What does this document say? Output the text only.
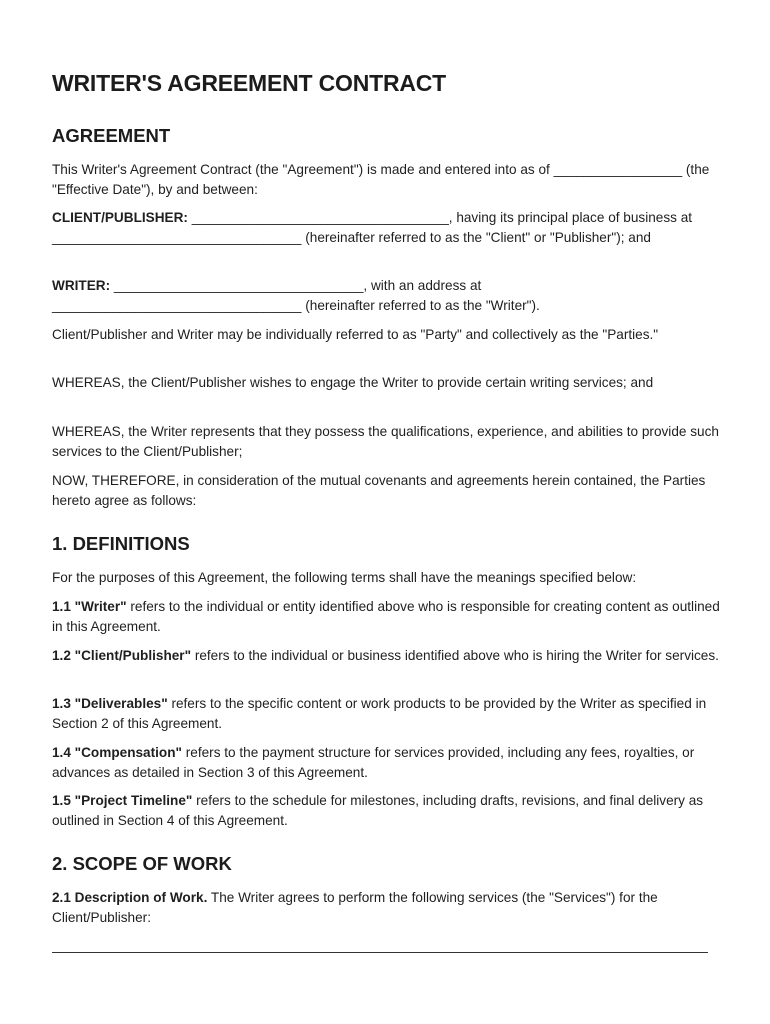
WRITER'S AGREEMENT CONTRACT
AGREEMENT

This Writer's Agreement Contract (the "Agreement") is made and entered into as of _________________ (the "Effective Date"), by and between:

CLIENT/PUBLISHER: __________________________________, having its principal place of business at _________________________________ (hereinafter referred to as the "Client" or "Publisher"); and

WRITER: _________________________________, with an address at _________________________________ (hereinafter referred to as the "Writer").

Client/Publisher and Writer may be individually referred to as "Party" and collectively as the "Parties."

WHEREAS, the Client/Publisher wishes to engage the Writer to provide certain writing services; and

WHEREAS, the Writer represents that they possess the qualifications, experience, and abilities to provide such services to the Client/Publisher;

NOW, THEREFORE, in consideration of the mutual covenants and agreements herein contained, the Parties hereto agree as follows:

1. DEFINITIONS

For the purposes of this Agreement, the following terms shall have the meanings specified below:

1.1 "Writer" refers to the individual or entity identified above who is responsible for creating content as outlined in this Agreement.

1.2 "Client/Publisher" refers to the individual or business identified above who is hiring the Writer for services.

1.3 "Deliverables" refers to the specific content or work products to be provided by the Writer as specified in Section 2 of this Agreement.

1.4 "Compensation" refers to the payment structure for services provided, including any fees, royalties, or advances as detailed in Section 3 of this Agreement.

1.5 "Project Timeline" refers to the schedule for milestones, including drafts, revisions, and final delivery as outlined in Section 4 of this Agreement.

2. SCOPE OF WORK

2.1 Description of Work. The Writer agrees to perform the following services (the "Services") for the Client/Publisher:
